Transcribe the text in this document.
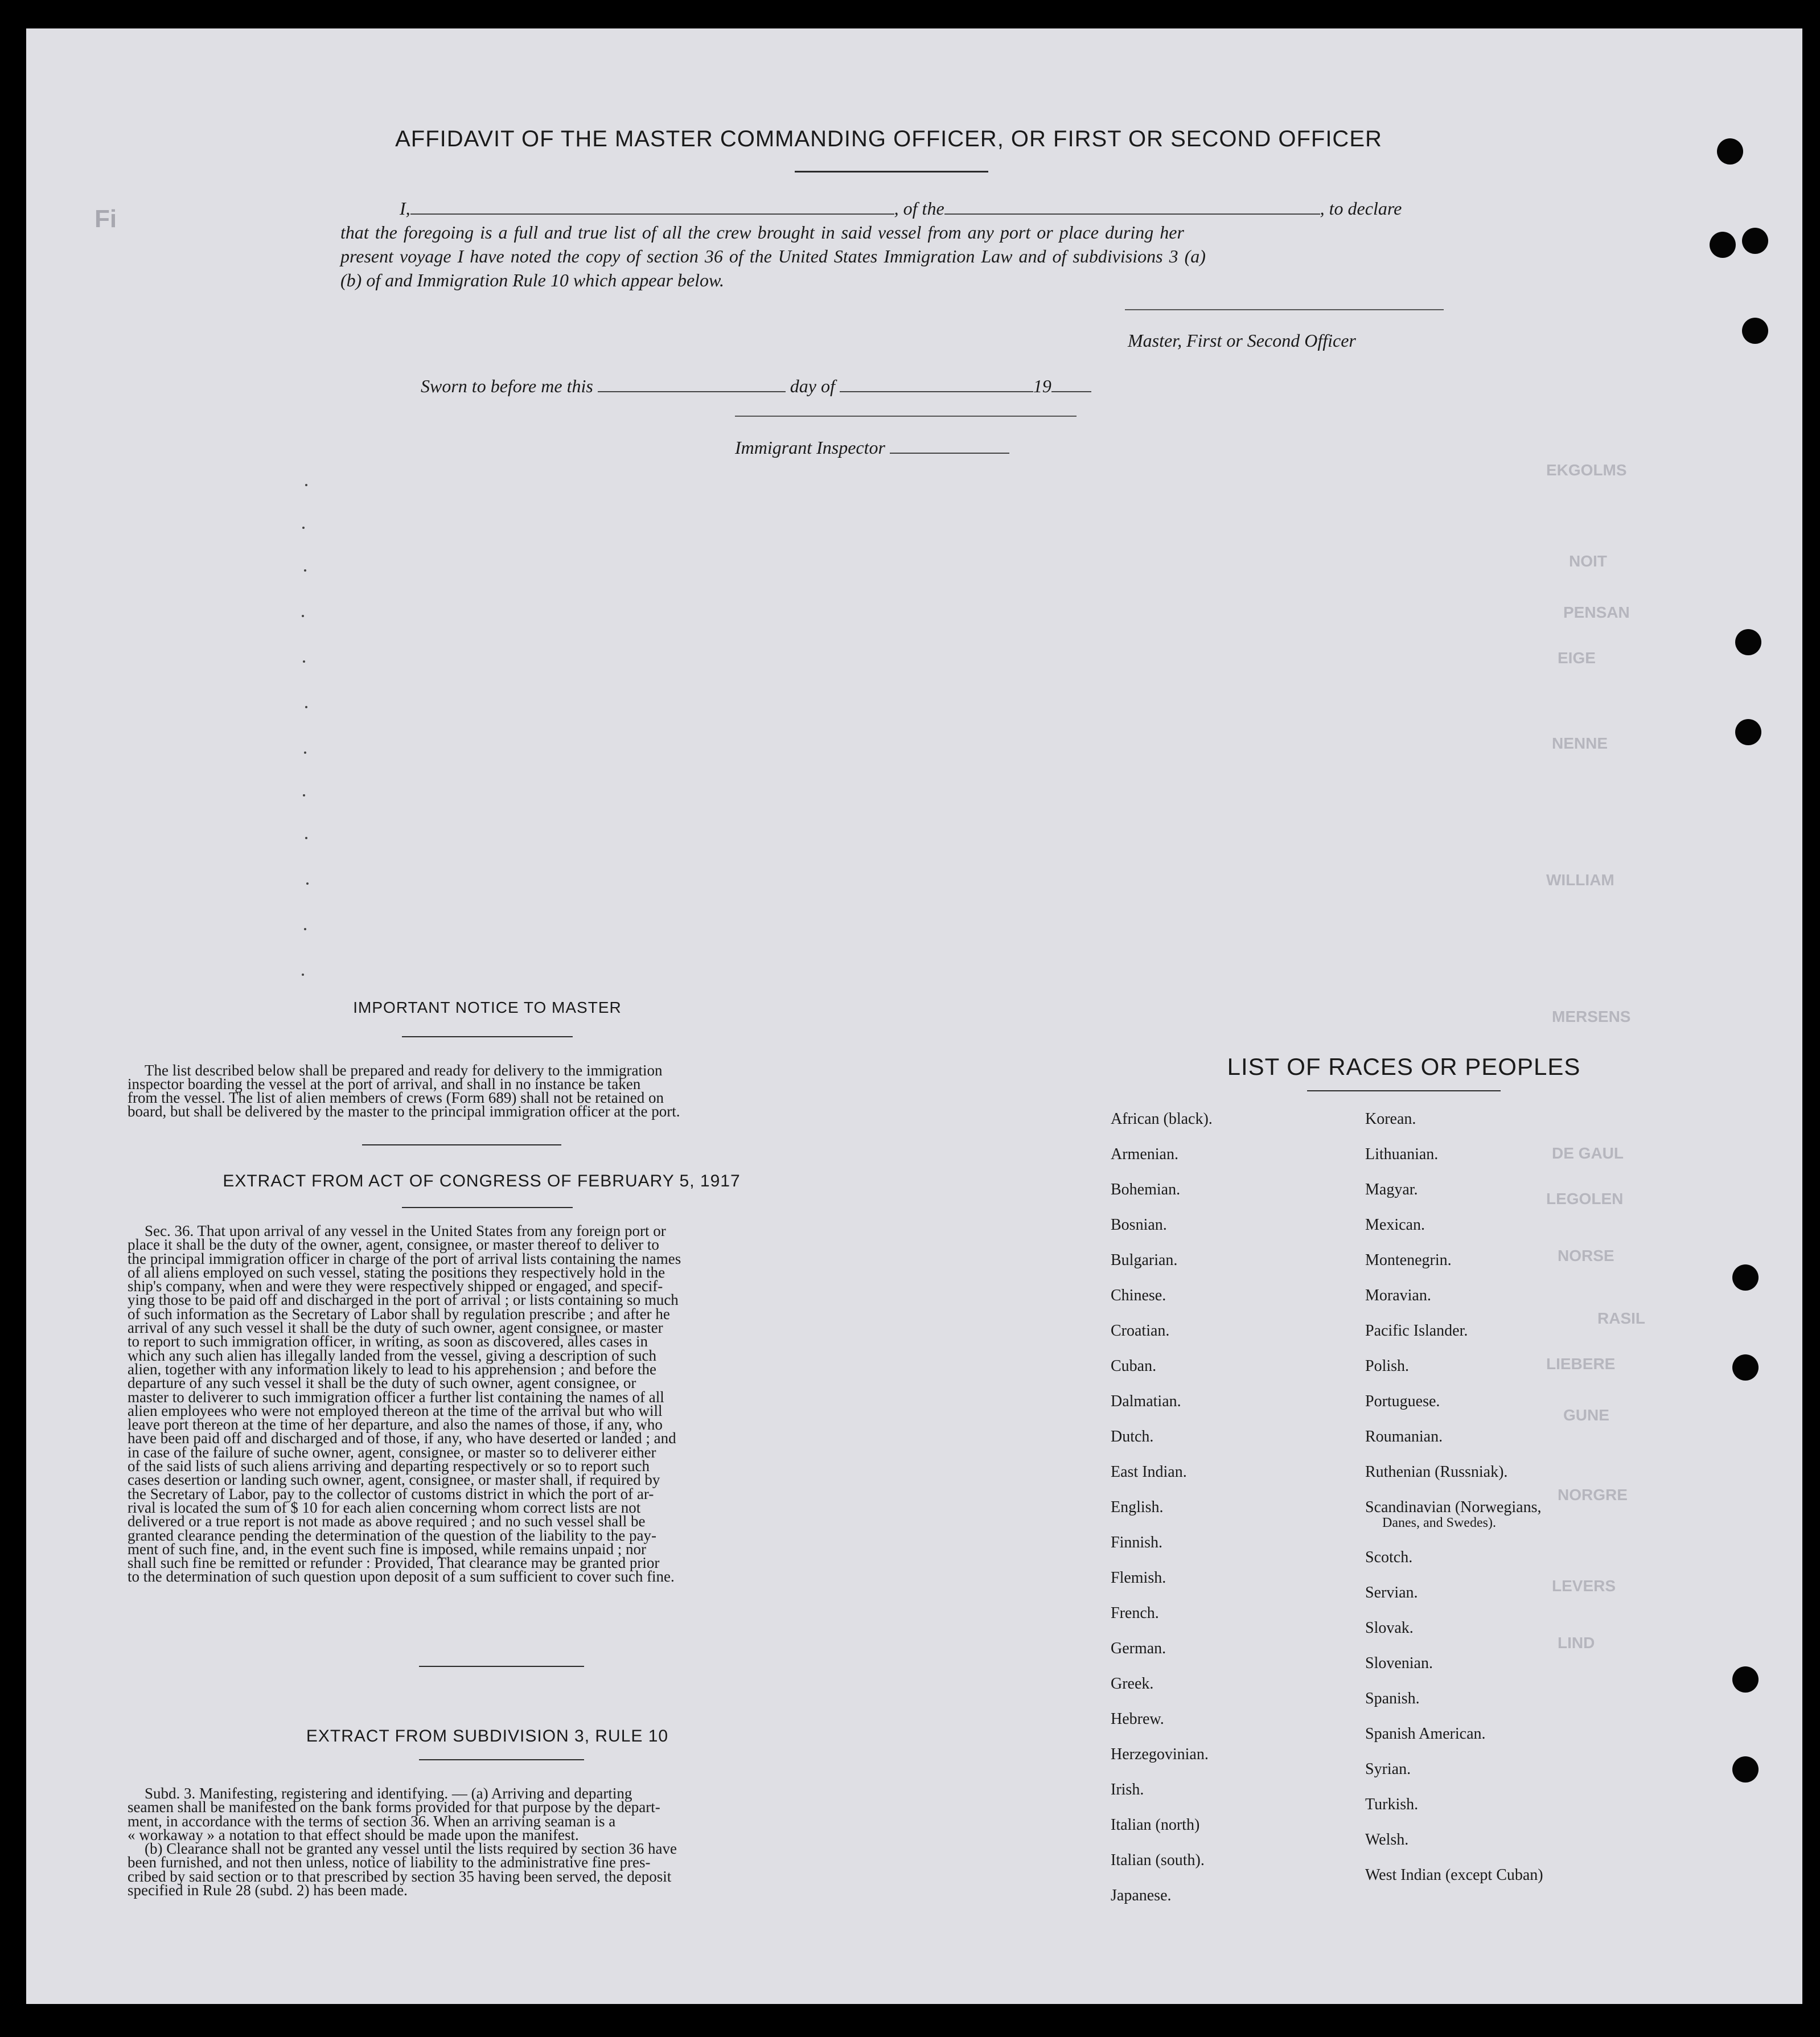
Fi
EKGOLMS
NOIT
PENSAN
EIGE
NENNE
WILLIAM
MERSENS
DE GAUL
LEGOLEN
NORSE
RASIL
LIEBERE
GUNE
NORGRE
LEVERS
LIND
AFFIDAVIT OF THE MASTER COMMANDING OFFICER, OR FIRST OR SECOND OFFICER
I,	, of the	, to declare
that the foregoing is a full and true list of all the crew brought in said vessel from any port or place during her
present voyage I have noted the copy of section 36 of the United States Immigration Law and of subdivisions 3 (a)
(b) of and Immigration Rule 10 which appear below.
Master, First or Second Officer
Sworn to before me this	day of	19
Immigrant Inspector
IMPORTANT NOTICE TO MASTER
The list described below shall be prepared and ready for delivery to the immigration
inspector boarding the vessel at the port of arrival, and shall in no instance be taken
from the vessel. The list of alien members of crews (Form 689) shall not be retained on
board, but shall be delivered by the master to the principal immigration officer at the port.
EXTRACT FROM ACT OF CONGRESS OF FEBRUARY 5, 1917
Sec. 36. That upon arrival of any vessel in the United States from any foreign port or
place it shall be the duty of the owner, agent, consignee, or master thereof to deliver to
the principal immigration officer in charge of the port of arrival lists containing the names
of all aliens employed on such vessel, stating the positions they respectively hold in the
ship's company, when and were they were respectively shipped or engaged, and specif-
ying those to be paid off and discharged in the port of arrival ; or lists containing so much
of such information as the Secretary of Labor shall by regulation prescribe ; and after he
arrival of any such vessel it shall be the duty of such owner, agent consignee, or master
to report to such immigration officer, in writing, as soon as discovered, alles cases in
which any such alien has illegally landed from the vessel, giving a description of such
alien, together with any information likely to lead to his apprehension ; and before the
departure of any such vessel it shall be the duty of such owner, agent consignee, or
master to deliverer to such immigration officer a further list containing the names of all
alien employees who were not employed thereon at the time of the arrival but who will
leave port thereon at the time of her departure, and also the names of those, if any, who
have been paid off and discharged and of those, if any, who have deserted or landed ; and
in case of the failure of suche owner, agent, consignee, or master so to deliverer either
of the said lists of such aliens arriving and departing respectively or so to report such
cases desertion or landing such owner, agent, consignee, or master shall, if required by
the Secretary of Labor, pay to the collector of customs district in which the port of ar-
rival is located the sum of $ 10 for each alien concerning whom correct lists are not
delivered or a true report is not made as above required ; and no such vessel shall be
granted clearance pending the determination of the question of the liability to the pay-
ment of such fine, and, in the event such fine is imposed, while remains unpaid ; nor
shall such fine be remitted or refunder : Provided, That clearance may be granted prior
to the determination of such question upon deposit of a sum sufficient to cover such fine.
EXTRACT FROM SUBDIVISION 3, RULE 10
Subd. 3. Manifesting, registering and identifying. — (a) Arriving and departing
seamen shall be manifested on the bank forms provided for that purpose by the depart-
ment, in accordance with the terms of section 36. When an arriving seaman is a
« workaway » a notation to that effect should be made upon the manifest.
(b) Clearance shall not be granted any vessel until the lists required by section 36 have
been furnished, and not then unless, notice of liability to the administrative fine pres-
cribed by said section or to that prescribed by section 35 having been served, the deposit
specified in Rule 28 (subd. 2) has been made.
LIST OF RACES OR PEOPLES
African (black).
Armenian.
Bohemian.
Bosnian.
Bulgarian.
Chinese.
Croatian.
Cuban.
Dalmatian.
Dutch.
East Indian.
English.
Finnish.
Flemish.
French.
German.
Greek.
Hebrew.
Herzegovinian.
Irish.
Italian (north)
Italian (south).
Japanese.
Korean.
Lithuanian.
Magyar.
Mexican.
Montenegrin.
Moravian.
Pacific Islander.
Polish.
Portuguese.
Roumanian.
Ruthenian (Russniak).
Scandinavian (Norwegians,
Danes, and Swedes).
Scotch.
Servian.
Slovak.
Slovenian.
Spanish.
Spanish American.
Syrian.
Turkish.
Welsh.
West Indian (except Cuban)
